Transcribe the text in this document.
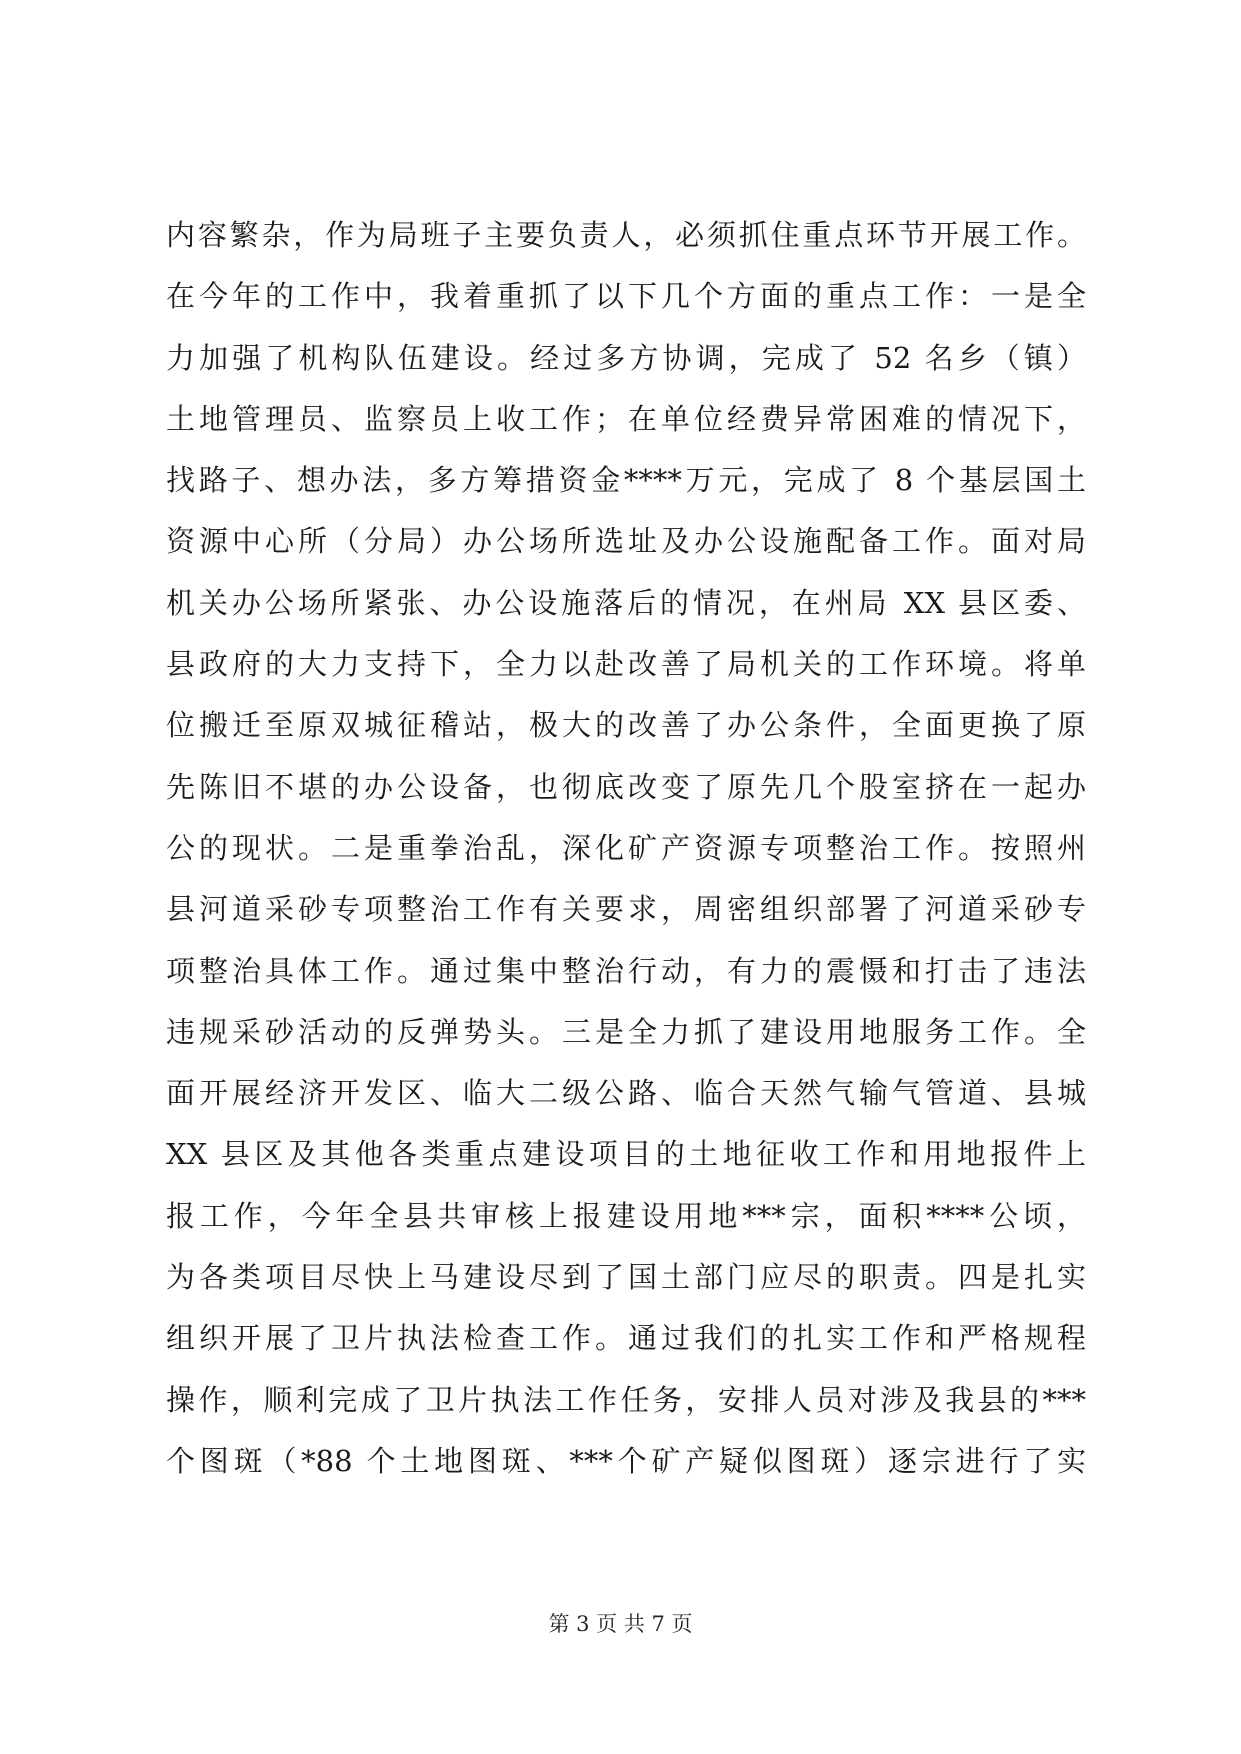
内容繁杂，作为局班子主要负责人，必须抓住重点环节开展工作。
在今年的工作中，我着重抓了以下几个方面的重点工作：一是全
力加强了机构队伍建设。经过多方协调，完成了 52 名乡（镇）
土地管理员、监察员上收工作；在单位经费异常困难的情况下，
找路子、想办法，多方筹措资金****万元，完成了 8 个基层国土
资源中心所（分局）办公场所选址及办公设施配备工作。面对局
机关办公场所紧张、办公设施落后的情况，在州局 XX 县区委、
县政府的大力支持下，全力以赴改善了局机关的工作环境。将单
位搬迁至原双城征稽站，极大的改善了办公条件，全面更换了原
先陈旧不堪的办公设备，也彻底改变了原先几个股室挤在一起办
公的现状。二是重拳治乱，深化矿产资源专项整治工作。按照州
县河道采砂专项整治工作有关要求，周密组织部署了河道采砂专
项整治具体工作。通过集中整治行动，有力的震慑和打击了违法
违规采砂活动的反弹势头。三是全力抓了建设用地服务工作。全
面开展经济开发区、临大二级公路、临合天然气输气管道、县城
XX 县区及其他各类重点建设项目的土地征收工作和用地报件上
报工作，今年全县共审核上报建设用地***宗，面积****公顷，
为各类项目尽快上马建设尽到了国土部门应尽的职责。四是扎实
组织开展了卫片执法检查工作。通过我们的扎实工作和严格规程
操作，顺利完成了卫片执法工作任务，安排人员对涉及我县的***
个图斑（*88 个土地图斑、***个矿产疑似图斑）逐宗进行了实
第 3 页 共 7 页
